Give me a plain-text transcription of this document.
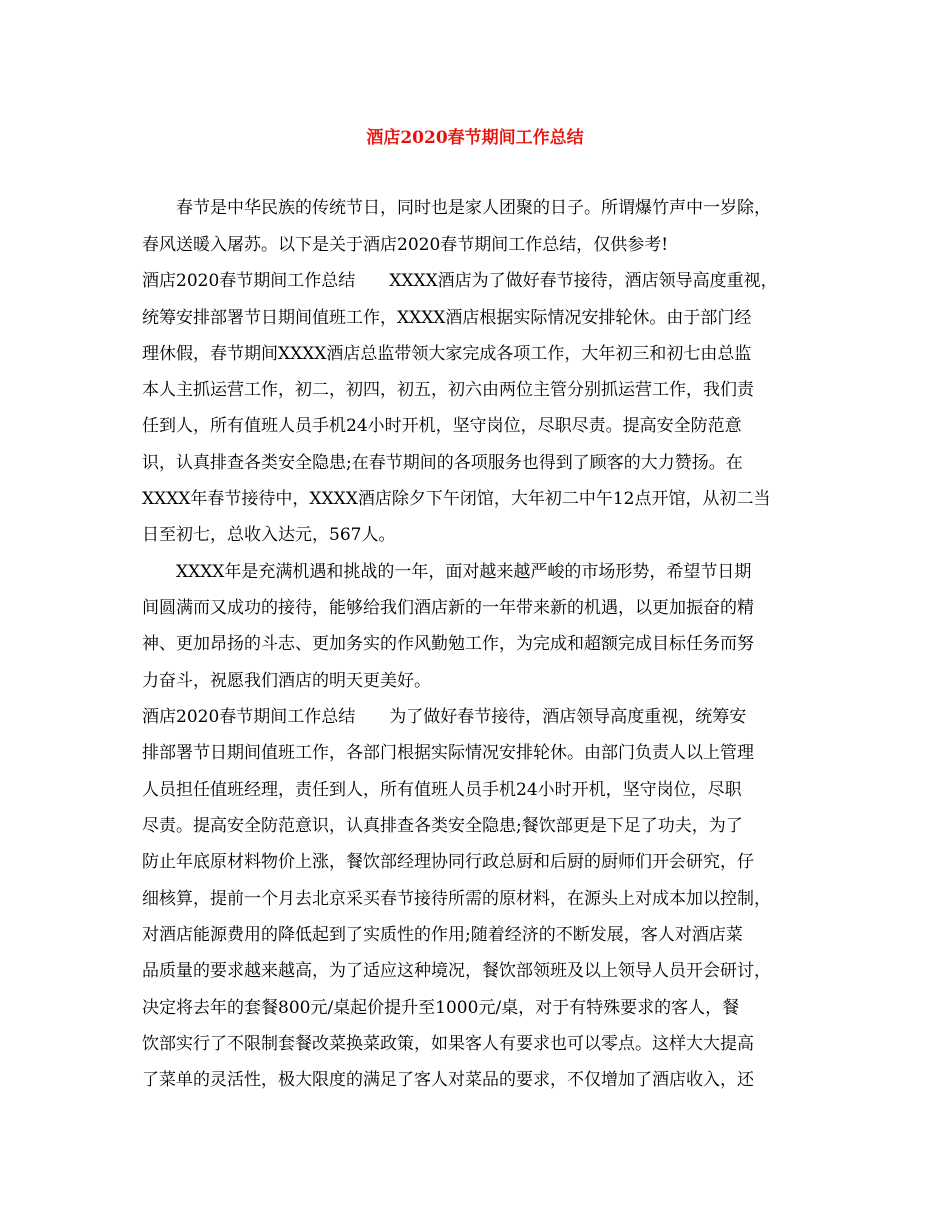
酒店2020春节期间工作总结
春节是中华民族的传统节日，同时也是家人团聚的日子。所谓爆竹声中一岁除，
春风送暖入屠苏。以下是关于酒店2020春节期间工作总结，仅供参考!
酒店2020春节期间工作总结　　XXXX酒店为了做好春节接待，酒店领导高度重视，
统筹安排部署节日期间值班工作，XXXX酒店根据实际情况安排轮休。由于部门经
理休假，春节期间XXXX酒店总监带领大家完成各项工作，大年初三和初七由总监
本人主抓运营工作，初二，初四，初五，初六由两位主管分别抓运营工作，我们责
任到人，所有值班人员手机24小时开机，坚守岗位，尽职尽责。提高安全防范意
识，认真排查各类安全隐患;在春节期间的各项服务也得到了顾客的大力赞扬。在
XXXX年春节接待中，XXXX酒店除夕下午闭馆，大年初二中午12点开馆，从初二当
日至初七，总收入达元，567人。
XXXX年是充满机遇和挑战的一年，面对越来越严峻的市场形势，希望节日期
间圆满而又成功的接待，能够给我们酒店新的一年带来新的机遇，以更加振奋的精
神、更加昂扬的斗志、更加务实的作风勤勉工作，为完成和超额完成目标任务而努
力奋斗，祝愿我们酒店的明天更美好。
酒店2020春节期间工作总结　　为了做好春节接待，酒店领导高度重视，统筹安
排部署节日期间值班工作，各部门根据实际情况安排轮休。由部门负责人以上管理
人员担任值班经理，责任到人，所有值班人员手机24小时开机，坚守岗位，尽职
尽责。提高安全防范意识，认真排查各类安全隐患;餐饮部更是下足了功夫，为了
防止年底原材料物价上涨，餐饮部经理协同行政总厨和后厨的厨师们开会研究，仔
细核算，提前一个月去北京采买春节接待所需的原材料，在源头上对成本加以控制，
对酒店能源费用的降低起到了实质性的作用;随着经济的不断发展，客人对酒店菜
品质量的要求越来越高，为了适应这种境况，餐饮部领班及以上领导人员开会研讨，
决定将去年的套餐800元/桌起价提升至1000元/桌，对于有特殊要求的客人，餐
饮部实行了不限制套餐改菜换菜政策，如果客人有要求也可以零点。这样大大提高
了菜单的灵活性，极大限度的满足了客人对菜品的要求，不仅增加了酒店收入，还
